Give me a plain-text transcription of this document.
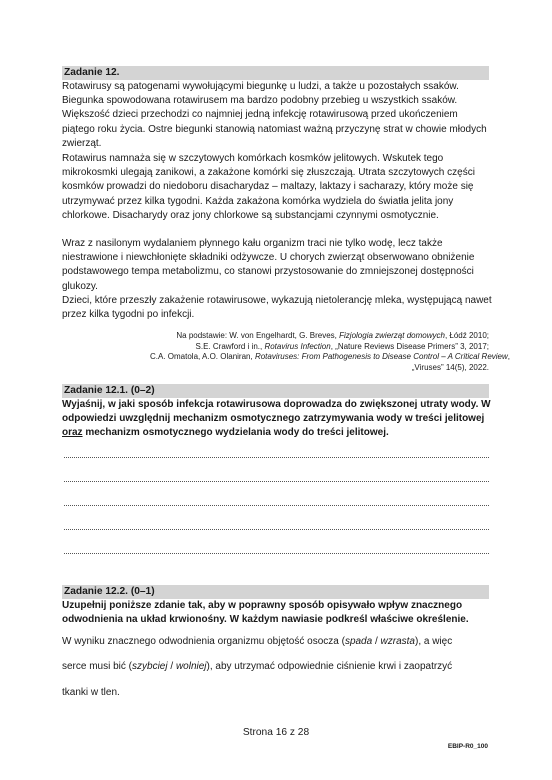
Zadanie 12.

Rotawirusy są patogenami wywołującymi biegunkę u ludzi, a także u pozostałych ssaków. Biegunka spowodowana rotawirusem ma bardzo podobny przebieg u wszystkich ssaków. Większość dzieci przechodzi co najmniej jedną infekcję rotawirusową przed ukończeniem piątego roku życia. Ostre biegunki stanowią natomiast ważną przyczynę strat w chowie młodych zwierząt.

Rotawirus namnaża się w szczytowych komórkach kosmków jelitowych. Wskutek tego mikrokosmki ulegają zanikowi, a zakażone komórki się złuszczają. Utrata szczytowych części kosmków prowadzi do niedoboru disacharydaz – maltazy, laktazy i sacharazy, który może się utrzymywać przez kilka tygodni. Każda zakażona komórka wydziela do światła jelita jony chlorkowe. Disacharydy oraz jony chlorkowe są substancjami czynnymi osmotycznie.

Wraz z nasilonym wydalaniem płynnego kału organizm traci nie tylko wodę, lecz także niestrawione i niewchłonięte składniki odżywcze. U chorych zwierząt obserwowano obniżenie podstawowego tempa metabolizmu, co stanowi przystosowanie do zmniejszonej dostępności glukozy.

Dzieci, które przeszły zakażenie rotawirusowe, wykazują nietolerancję mleka, występującą nawet przez kilka tygodni po infekcji.

Na podstawie: W. von Engelhardt, G. Breves, Fizjologia zwierząt domowych, Łódź 2010;
S.E. Crawford i in., Rotavirus Infection, „Nature Reviews Disease Primers” 3, 2017;
C.A. Omatola, A.O. Olaniran, Rotaviruses: From Pathogenesis to Disease Control – A Critical Review,
„Viruses” 14(5), 2022.
Zadanie 12.1. (0–2)

Wyjaśnij, w jaki sposób infekcja rotawirusowa doprowadza do zwiększonej utraty wody. W odpowiedzi uwzględnij mechanizm osmotycznego zatrzymywania wody w treści jelitowej oraz mechanizm osmotycznego wydzielania wody do treści jelitowej.

Zadanie 12.2. (0–1)

Uzupełnij poniższe zdanie tak, aby w poprawny sposób opisywało wpływ znacznego odwodnienia na układ krwionośny. W każdym nawiasie podkreśl właściwe określenie.

W wyniku znacznego odwodnienia organizmu objętość osocza (spada / wzrasta), a więc
serce musi bić (szybciej / wolniej), aby utrzymać odpowiednie ciśnienie krwi i zaopatrzyć
tkanki w tlen.
Strona 16 z 28
EBIP-R0_100
